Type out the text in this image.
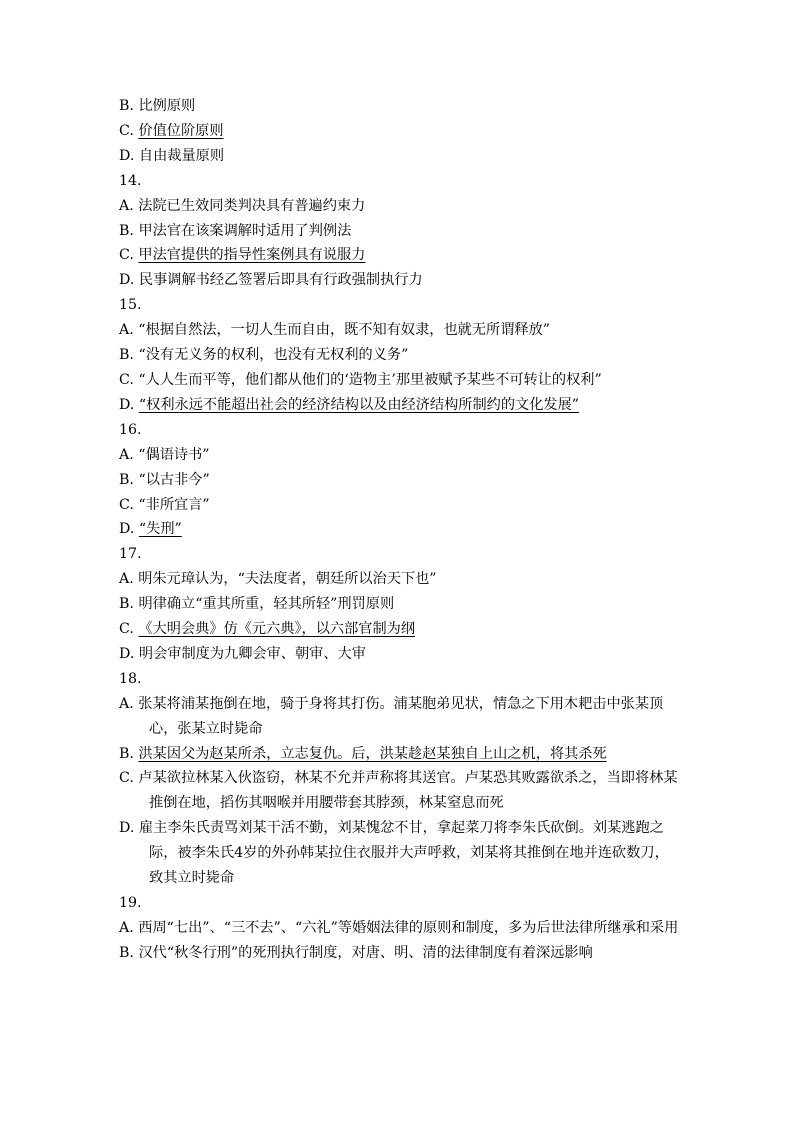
B. 比例原则
C. 价值位阶原则
D. 自由裁量原则
14.
A. 法院已生效同类判决具有普遍约束力
B. 甲法官在该案调解时适用了判例法
C. 甲法官提供的指导性案例具有说服力
D. 民事调解书经乙签署后即具有行政强制执行力
15.
A. “根据自然法，一切人生而自由，既不知有奴隶，也就无所谓释放”
B. “没有无义务的权利，也没有无权利的义务”
C. “人人生而平等，他们都从他们的‘造物主’那里被赋予某些不可转让的权利”
D. “权利永远不能超出社会的经济结构以及由经济结构所制约的文化发展”
16.
A. “偶语诗书”
B. “以古非今”
C. “非所宜言”
D. “失刑”
17.
A. 明朱元璋认为，“夫法度者，朝廷所以治天下也”
B. 明律确立“重其所重，轻其所轻”刑罚原则
C. 《大明会典》仿《元六典》，以六部官制为纲
D. 明会审制度为九卿会审、朝审、大审
18.
A. 张某将浦某拖倒在地，骑于身将其打伤。浦某胞弟见状，情急之下用木耙击中张某顶心，张某立时毙命
B. 洪某因父为赵某所杀，立志复仇。后，洪某趁赵某独自上山之机，将其杀死
C. 卢某欲拉林某入伙盗窃，林某不允并声称将其送官。卢某恐其败露欲杀之，当即将林某推倒在地，搯伤其咽喉并用腰带套其脖颈，林某窒息而死
D. 雇主李朱氏责骂刘某干活不勤，刘某愧忿不甘，拿起菜刀将李朱氏砍倒。刘某逃跑之际，被李朱氏4岁的外孙韩某拉住衣服并大声呼救，刘某将其推倒在地并连砍数刀，致其立时毙命
19.
A. 西周“七出”、“三不去”、“六礼”等婚姻法律的原则和制度，多为后世法律所继承和采用
B. 汉代“秋冬行刑”的死刑执行制度，对唐、明、清的法律制度有着深远影响
